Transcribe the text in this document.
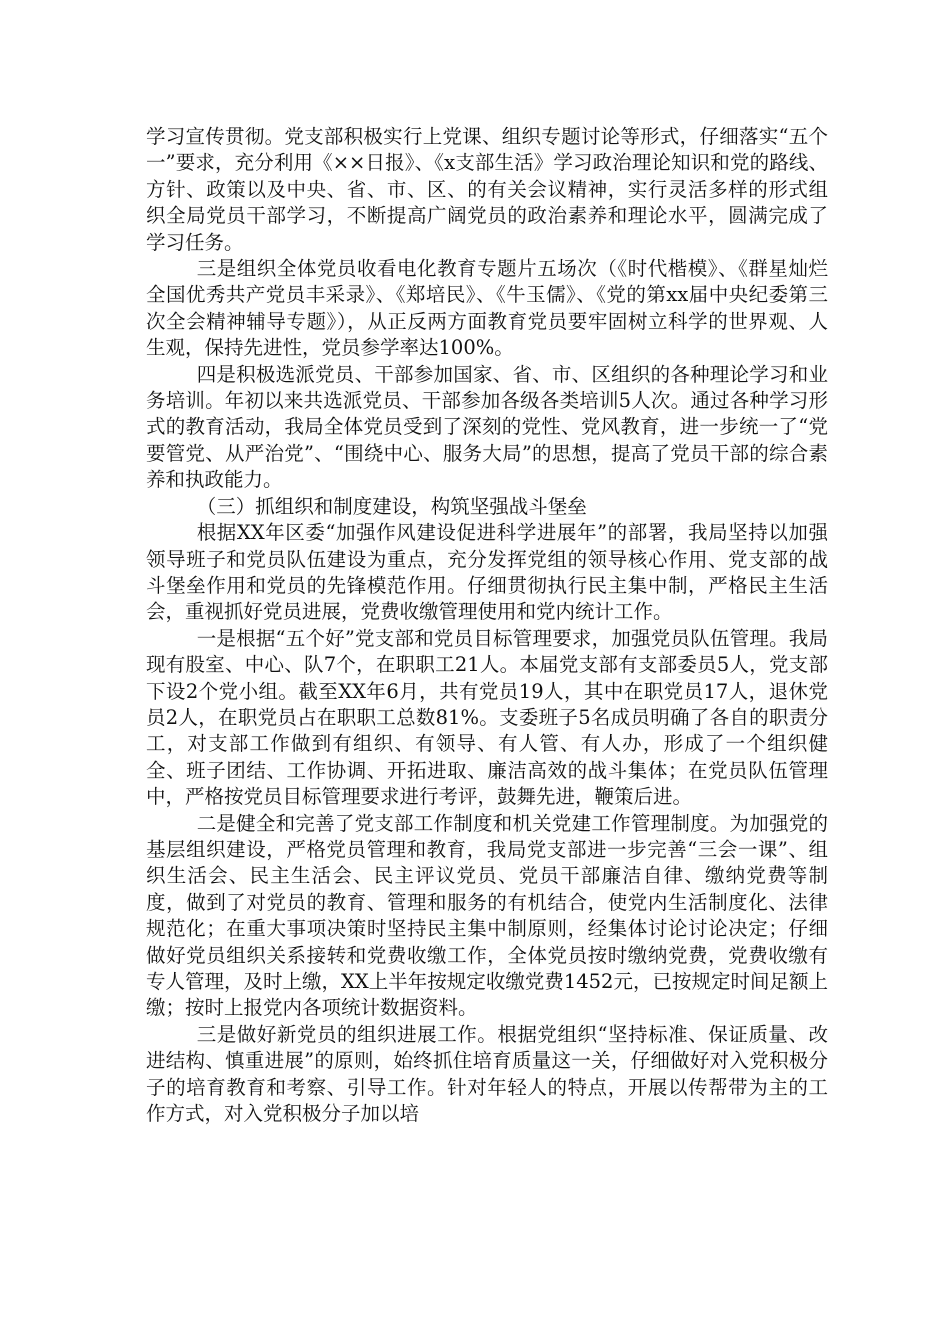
学习宣传贯彻。党支部积极实行上党课、组织专题讨论等形式，仔细落实“五个一”要求，充分利用《××日报》、《x支部生活》学习政治理论知识和党的路线、方针、政策以及中央、省、市、区、的有关会议精神，实行灵活多样的形式组织全局党员干部学习，不断提高广阔党员的政治素养和理论水平，圆满完成了学习任务。

三是组织全体党员收看电化教育专题片五场次（《时代楷模》、《群星灿烂全国优秀共产党员丰采录》、《郑培民》、《牛玉儒》、《党的第xx届中央纪委第三次全会精神辅导专题》），从正反两方面教育党员要牢固树立科学的世界观、人生观，保持先进性，党员参学率达100%。

四是积极选派党员、干部参加国家、省、市、区组织的各种理论学习和业务培训。年初以来共选派党员、干部参加各级各类培训5人次。通过各种学习形式的教育活动，我局全体党员受到了深刻的党性、党风教育，进一步统一了“党要管党、从严治党”、“围绕中心、服务大局”的思想，提高了党员干部的综合素养和执政能力。

（三）抓组织和制度建设，构筑坚强战斗堡垒

根据XX年区委“加强作风建设促进科学进展年”的部署，我局坚持以加强领导班子和党员队伍建设为重点，充分发挥党组的领导核心作用、党支部的战斗堡垒作用和党员的先锋模范作用。仔细贯彻执行民主集中制，严格民主生活会，重视抓好党员进展，党费收缴管理使用和党内统计工作。

一是根据“五个好”党支部和党员目标管理要求，加强党员队伍管理。我局现有股室、中心、队7个，在职职工21人。本届党支部有支部委员5人，党支部下设2个党小组。截至XX年6月，共有党员19人，其中在职党员17人，退休党员2人，在职党员占在职职工总数81%。支委班子5名成员明确了各自的职责分工，对支部工作做到有组织、有领导、有人管、有人办，形成了一个组织健全、班子团结、工作协调、开拓进取、廉洁高效的战斗集体；在党员队伍管理中，严格按党员目标管理要求进行考评，鼓舞先进，鞭策后进。

二是健全和完善了党支部工作制度和机关党建工作管理制度。为加强党的基层组织建设，严格党员管理和教育，我局党支部进一步完善“三会一课”、组织生活会、民主生活会、民主评议党员、党员干部廉洁自律、缴纳党费等制度，做到了对党员的教育、管理和服务的有机结合，使党内生活制度化、法律规范化；在重大事项决策时坚持民主集中制原则，经集体讨论讨论决定；仔细做好党员组织关系接转和党费收缴工作，全体党员按时缴纳党费，党费收缴有专人管理，及时上缴，XX上半年按规定收缴党费1452元，已按规定时间足额上缴；按时上报党内各项统计数据资料。

三是做好新党员的组织进展工作。根据党组织“坚持标准、保证质量、改进结构、慎重进展”的原则，始终抓住培育质量这一关，仔细做好对入党积极分子的培育教育和考察、引导工作。针对年轻人的特点，开展以传帮带为主的工作方式，对入党积极分子加以培
